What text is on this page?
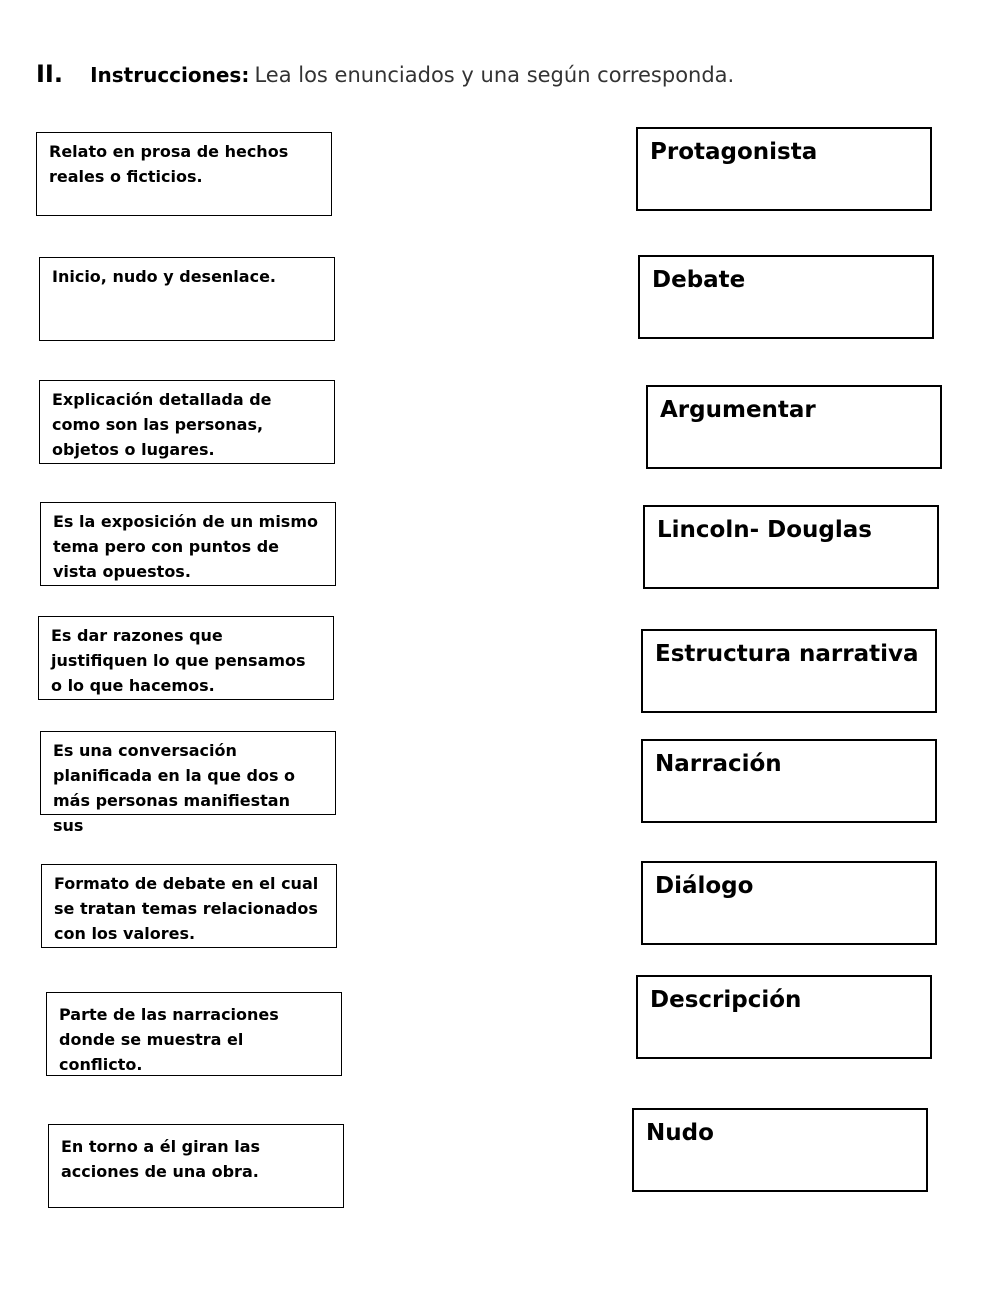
II. Instrucciones: Lea los enunciados y una según corresponda.
Relato en prosa de hechos reales o ficticios.
Inicio, nudo y desenlace.
Explicación detallada de como son las personas, objetos o lugares.
Es la exposición de un mismo tema pero con puntos de vista opuestos.
Es dar razones que justifiquen lo que pensamos o lo que hacemos.
Es una conversación planificada en la que dos o más personas manifiestan sus
Formato de debate en el cual se tratan temas relacionados con los valores.
Parte de las narraciones donde se muestra el conflicto.
En torno a él giran las acciones de una obra.
Protagonista
Debate
Argumentar
Lincoln- Douglas
Estructura narrativa
Narración
Diálogo
Descripción
Nudo
